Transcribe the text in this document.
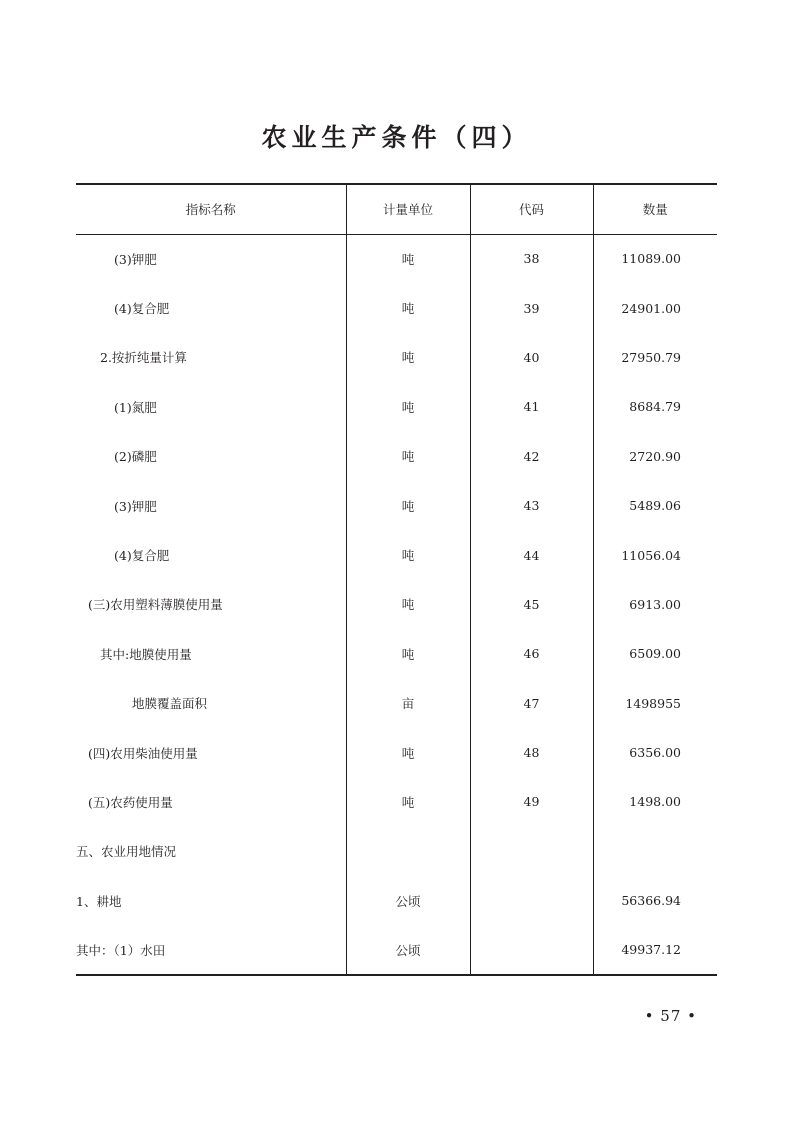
农业生产条件（四）
指标名称	计量单位	代码	数量
(3)钾肥	吨	38	11089.00
(4)复合肥	吨	39	24901.00
2.按折纯量计算	吨	40	27950.79
(1)氮肥	吨	41	8684.79
(2)磷肥	吨	42	2720.90
(3)钾肥	吨	43	5489.06
(4)复合肥	吨	44	11056.04
(三)农用塑料薄膜使用量	吨	45	6913.00
其中:地膜使用量	吨	46	6509.00
地膜覆盖面积	亩	47	1498955
(四)农用柴油使用量	吨	48	6356.00
(五)农药使用量	吨	49	1498.00
五、农业用地情况			
1、耕地	公顷		56366.94
其中：（1）水田	公顷		49937.12
• 57 •
